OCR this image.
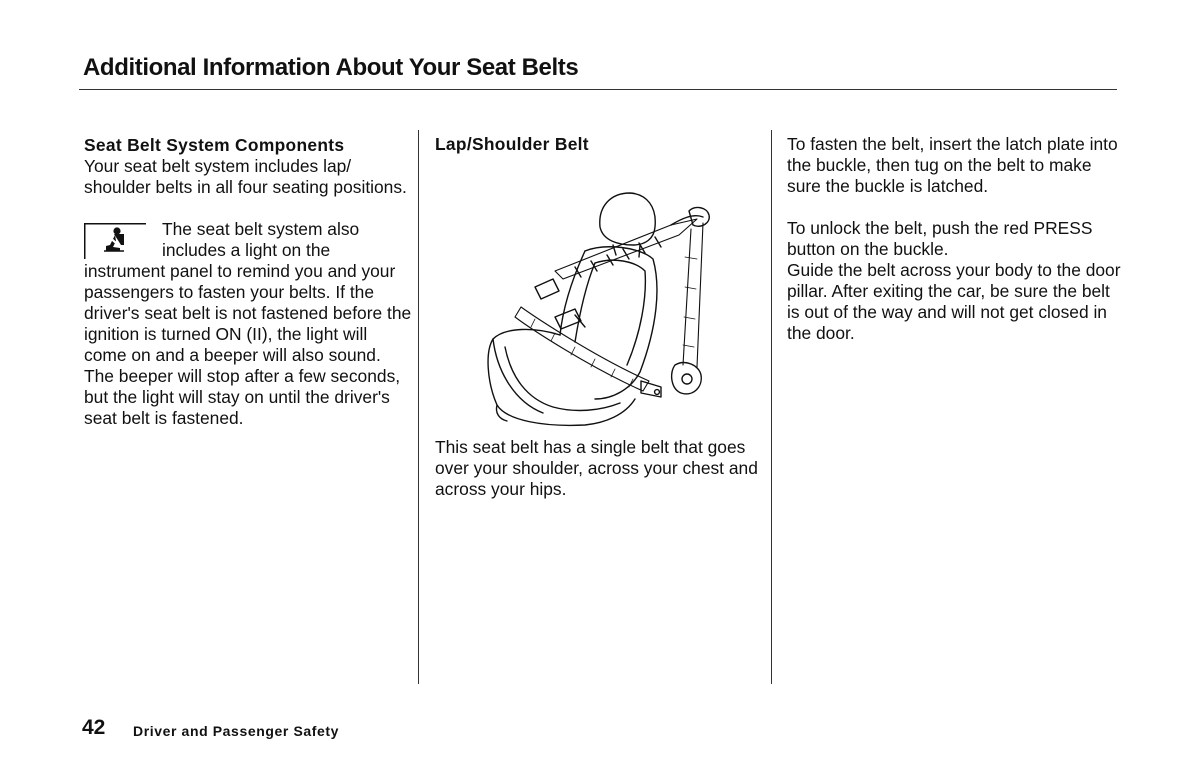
Additional Information About Your Seat Belts

Seat Belt System Components

Your seat belt system includes lap/ shoulder belts in all four seating positions.

The seat belt system also includes a light on the instrument panel to remind you and your passengers to fasten your belts. If the driver's seat belt is not fastened before the ignition is turned ON (II), the light will come on and a beeper will also sound. The beeper will stop after a few seconds, but the light will stay on until the driver's seat belt is fastened.

Lap/Shoulder Belt

This seat belt has a single belt that goes over your shoulder, across your chest and across your hips.

To fasten the belt, insert the latch plate into the buckle, then tug on the belt to make sure the buckle is latched.

To unlock the belt, push the red PRESS button on the buckle.

Guide the belt across your body to the door pillar. After exiting the car, be sure the belt is out of the way and will not get closed in the door.

42 Driver and Passenger Safety
